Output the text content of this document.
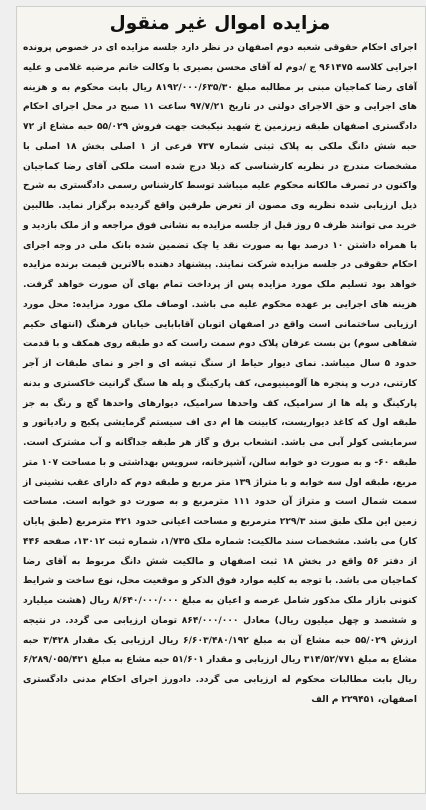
مزایده اموال غیر منقول

اجرای احکام حقوقی شعبه دوم اصفهان در نظر دارد جلسه مزایده ای در خصوص پرونده اجرایی کلاسه ۹۶۱۴۷۵ ج /دوم له آقای محسن بصیری با وکالت خانم مرضیه غلامی و علیه آقای رضا کماجیان مبنی بر مطالبه مبلغ ۸۱۹۲/۰۰۰/۶۳۵/۳۰ ریال بابت محکوم به و هزینه های اجرایی و حق الاجرای دولتی در تاریخ ۹۷/۷/۲۱ ساعت ۱۱ صبح در محل اجرای احکام دادگستری اصفهان طبقه زیرزمین خ شهید نیکبخت جهت فروش ۵۵/۰۲۹ حبه مشاع از ۷۲ حبه شش دانگ ملکی به پلاک ثبتی شماره ۷۳۷ فرعی از ۱ اصلی بخش ۱۸ اصلی با مشخصات مندرج در نظریه کارشناسی که ذیلا درج شده است ملکی آقای رضا کماجیان واکنون در تصرف مالکانه محکوم علیه میباشد توسط کارشناس رسمی دادگستری به شرح ذیل ارزیابی شده نظریه وی مصون از تعرض طرفین واقع گردیده برگزار نماید. طالبین خرید می توانند ظرف ۵ روز قبل از جلسه مزایده به نشانی فوق مراجعه و از ملک بازدید و با همراه داشتن ۱۰ درصد بها به صورت نقد یا چک تضمین شده بانک ملی در وجه اجرای احکام حقوقی در جلسه مزایده شرکت نمایند. پیشنهاد دهنده بالاترین قیمت برنده مزایده خواهد بود تسلیم ملک مورد مزایده پس از پرداخت تمام بهای آن صورت خواهد گرفت. هزینه های اجرایی بر عهده محکوم علیه می باشد. اوصاف ملک مورد مزایده: محل مورد ارزیابی ساختمانی است واقع در اصفهان اتوبان آقابابایی خیابان فرهنگ (انتهای حکیم شفاهی سوم) بن بست عرفان پلاک دوم سمت راست که دو طبقه روی همکف و با قدمت حدود ۵ سال میباشد. نمای دیوار حیاط از سنگ تیشه ای و اجر و نمای طبقات از آجر کارتنی، درب و پنجره ها آلومینیومی، کف پارکینگ و پله ها سنگ گرانیت خاکستری و بدنه پارکینگ و پله ها از سرامیک، کف واحدها سرامیک، دیوارهای واحدها گچ و رنگ به جز طبقه اول که کاغذ دیواریست، کابینت ها ام دی اف سیستم گرمایشی پکیج و رادیاتور و سرمایشی کولر آبی می باشد. انشعاب برق و گاز هر طبقه جداگانه و آب مشترک است. طبقه ۶۰- و به صورت دو خوابه سالن، آشپزخانه، سرویس بهداشتی و با مساحت ۱۰۷ متر مربع، طبقه اول سه خوابه و با متراژ ۱۳۹ متر مربع و طبقه دوم که دارای عقب نشینی از سمت شمال است و متراژ آن حدود ۱۱۱ مترمربع و به صورت دو خوابه است. مساحت زمین این ملک طبق سند ۲۲۹/۳ مترمربع و مساحت اعیانی حدود ۴۲۱ مترمربع (طبق پایان کار) می باشد. مشخصات سند مالکیت: شماره ملک ۱/۷۳۵، شماره ثبت ۱۳۰۱۲، صفحه ۴۴۶ از دفتر ۵۶ واقع در بخش ۱۸ ثبت اصفهان و مالکیت شش دانگ مربوط به آقای رضا کماجیان می باشد. با توجه به کلیه موارد فوق الذکر و موقعیت محل، نوع ساخت و شرایط کنونی بازار ملک مذکور شامل عرصه و اعیان به مبلغ ۸/۶۴۰/۰۰۰/۰۰۰ ریال (هشت میلیارد و ششصد و چهل میلیون ریال) معادل ۸۶۴/۰۰۰/۰۰۰ تومان ارزیابی می گردد. در نتیجه ارزش ۵۵/۰۲۹ حبه مشاع آن به مبلغ ۶/۶۰۳/۴۸۰/۱۹۲ ریال ارزیابی یک مقدار ۳/۴۲۸ حبه مشاع به مبلغ ۳۱۴/۵۲/۷۷۱ ریال ارزیابی و مقدار ۵۱/۶۰۱ حبه مشاع به مبلغ ۶/۲۸۹/۰۵۵/۴۲۱ ریال بابت مطالبات محکوم له ارزیابی می گردد. دادورز اجرای احکام مدنی دادگستری اصفهان، ۲۲۹۴۵۱ م الف
